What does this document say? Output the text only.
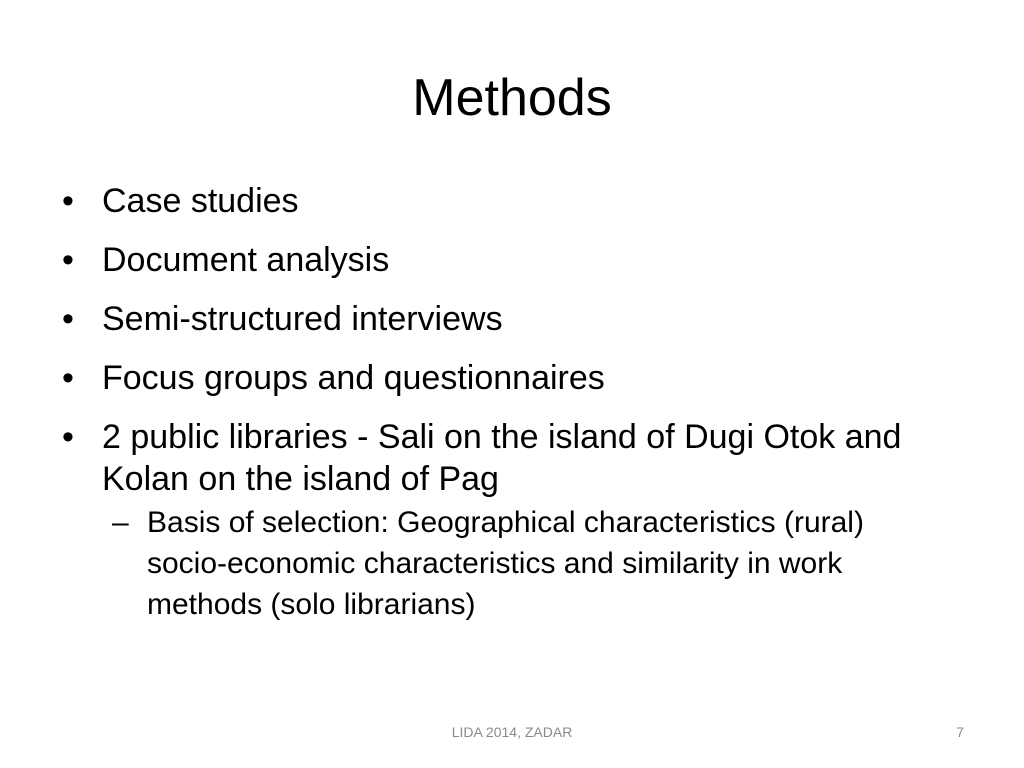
Methods
• Case studies
• Document analysis
• Semi-structured interviews
• Focus groups and questionnaires
• 2 public libraries - Sali on the island of Dugi Otok and Kolan on the island of Pag
– Basis of selection: Geographical characteristics (rural) socio-economic characteristics and similarity in work methods (solo librarians)
LIDA 2014, ZADAR	7
